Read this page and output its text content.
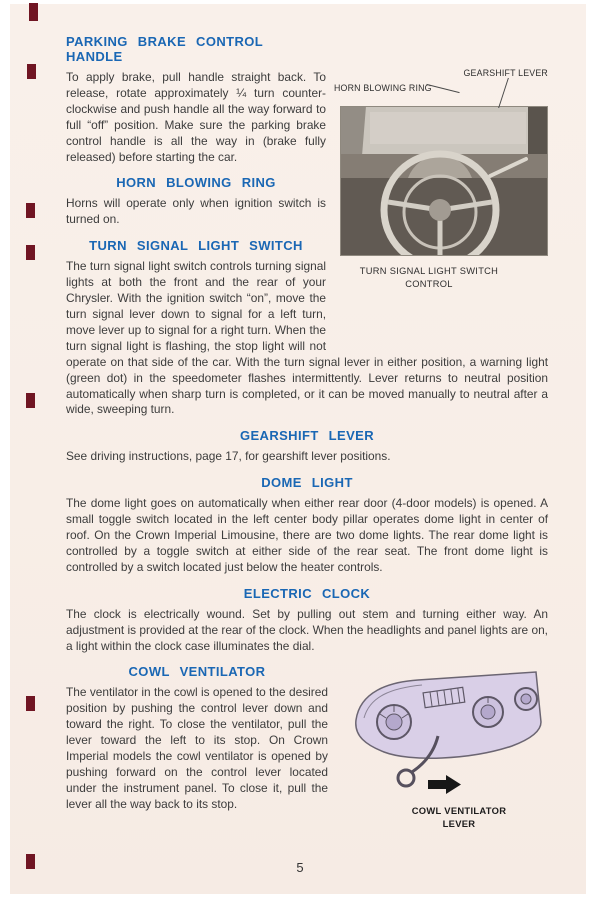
GEARSHIFT LEVER
HORN BLOWING RING
TURN SIGNAL LIGHT SWITCH CONTROL
PARKING BRAKE CONTROL HANDLE

To apply brake, pull handle straight back. To release, rotate approximately ¼ turn counter-clockwise and push handle all the way forward to full “off” position. Make sure the parking brake control handle is all the way in (brake fully released) before starting the car.

HORN BLOWING RING

Horns will operate only when ignition switch is turned on.

TURN SIGNAL LIGHT SWITCH

The turn signal light switch controls turning signal lights at both the front and the rear of your Chrysler. With the ignition switch “on”, move the turn signal lever down to signal for a left turn, move lever up to signal for a right turn. When the turn signal light is flashing, the stop light will not operate on that side of the car. With the turn signal lever in either position, a warning light (green dot) in the speedometer flashes intermittently. Lever returns to neutral position automatically when sharp turn is completed, or it can be moved manually to neutral after a wide, sweeping turn.

GEARSHIFT LEVER

See driving instructions, page 17, for gearshift lever positions.

DOME LIGHT

The dome light goes on automatically when either rear door (4-door models) is opened. A small toggle switch located in the left center body pillar operates dome light in center of roof. On the Crown Imperial Limousine, there are two dome lights. The rear dome light is controlled by a toggle switch at either side of the rear seat. The front dome light is controlled by a switch located just below the heater controls.

ELECTRIC CLOCK

The clock is electrically wound. Set by pulling out stem and turning either way. An adjustment is provided at the rear of the clock. When the headlights and panel lights are on, a light within the clock case illuminates the dial.

COWL VENTILATOR LEVER
COWL VENTILATOR

The ventilator in the cowl is opened to the desired position by pushing the control lever down and toward the right. To close the ventilator, pull the lever toward the left to its stop. On Crown Imperial models the cowl ventilator is opened by pushing forward on the control lever located under the instrument panel. To close it, pull the lever all the way back to its stop.

5
